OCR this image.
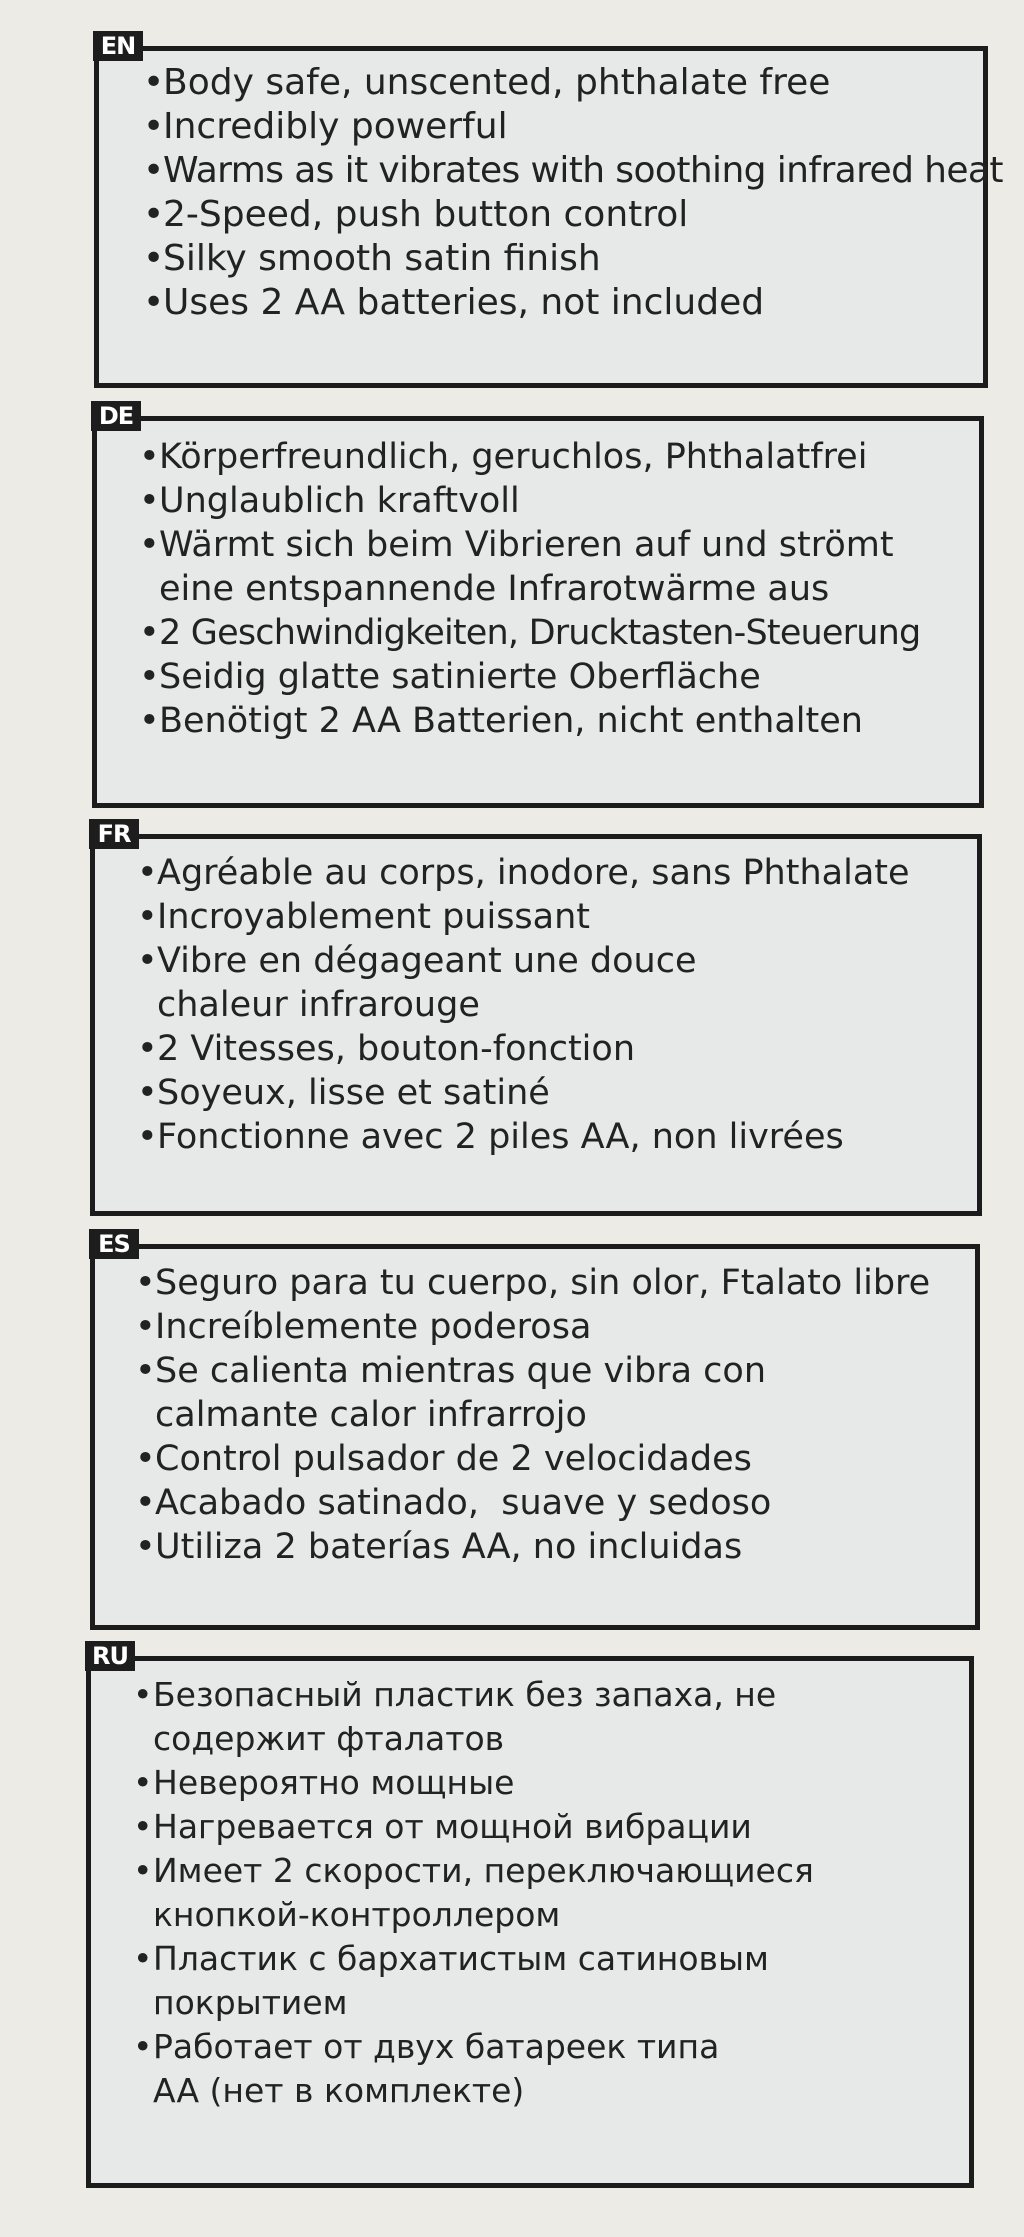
EN
•
Body safe, unscented, phthalate free
•
Incredibly powerful
•
Warms as it vibrates with soothing infrared heat
•
2-Speed, push button control
•
Silky smooth satin finish
•
Uses 2 AA batteries, not included
DE
• Körperfreundlich, geruchlos, Phthalatfrei
• Unglaublich kraftvoll
• Wärmt sich beim Vibrieren auf und strömt
eine entspannende Infrarotwärme aus
• 2 Geschwindigkeiten, Drucktasten-Steuerung
• Seidig glatte satinierte Oberfläche
• Benötigt 2 AA Batterien, nicht enthalten
FR
• Agréable au corps, inodore, sans Phthalate
• Incroyablement puissant
• Vibre en dégageant une douce
chaleur infrarouge
• 2 Vitesses, bouton-fonction
• Soyeux, lisse et satiné
• Fonctionne avec 2 piles AA, non livrées
ES
• Seguro para tu cuerpo, sin olor, Ftalato libre
• Increíblemente poderosa
• Se calienta mientras que vibra con
calmante calor infrarrojo
• Control pulsador de 2 velocidades
• Acabado satinado,  suave y sedoso
• Utiliza 2 baterías AA, no incluidas
RU
• Безопасный пластик без запаха, не
содержит фталатов
• Невероятно мощные
• Нагревается от мощной вибрации
• Имеет 2 скорости, переключающиеся
кнопкой-контроллером
• Пластик с бархатистым сатиновым
покрытием
• Работает от двух батареек типа
AA (нет в комплекте)
